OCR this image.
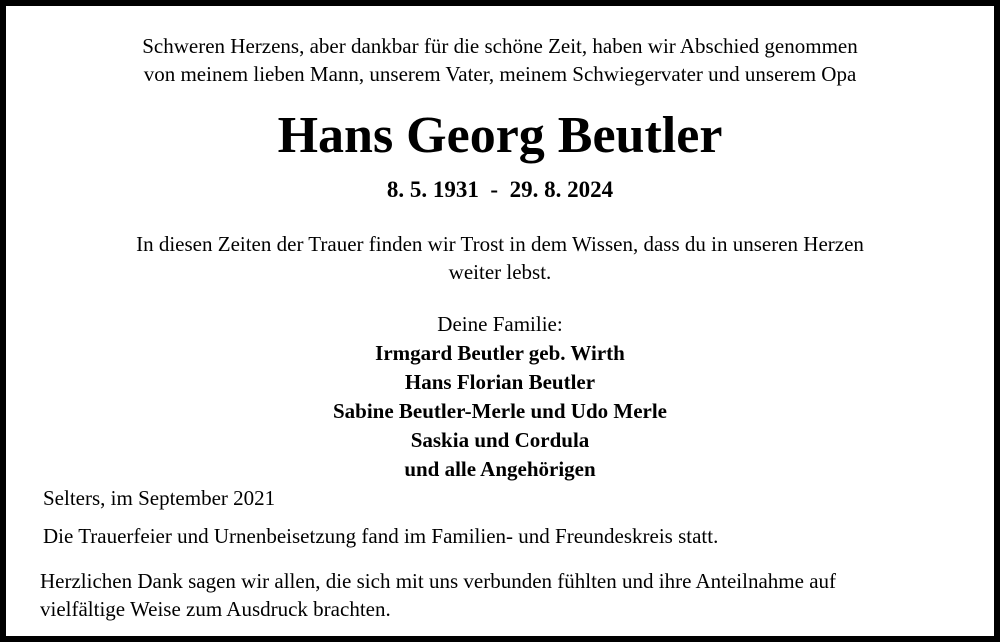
Schweren Herzens, aber dankbar für die schöne Zeit, haben wir Abschied genommen
von meinem lieben Mann, unserem Vater, meinem Schwiegervater und unserem Opa
Hans Georg Beutler
8. 5. 1931  -  29. 8. 2024
In diesen Zeiten der Trauer finden wir Trost in dem Wissen, dass du in unseren Herzen
weiter lebst.
Deine Familie:
Irmgard Beutler geb. Wirth
Hans Florian Beutler
Sabine Beutler-Merle und Udo Merle
Saskia und Cordula
und alle Angehörigen
Selters, im September 2021
Die Trauerfeier und Urnenbeisetzung fand im Familien- und Freundeskreis statt.
Herzlichen Dank sagen wir allen, die sich mit uns verbunden fühlten und ihre Anteilnahme auf
vielfältige Weise zum Ausdruck brachten.
